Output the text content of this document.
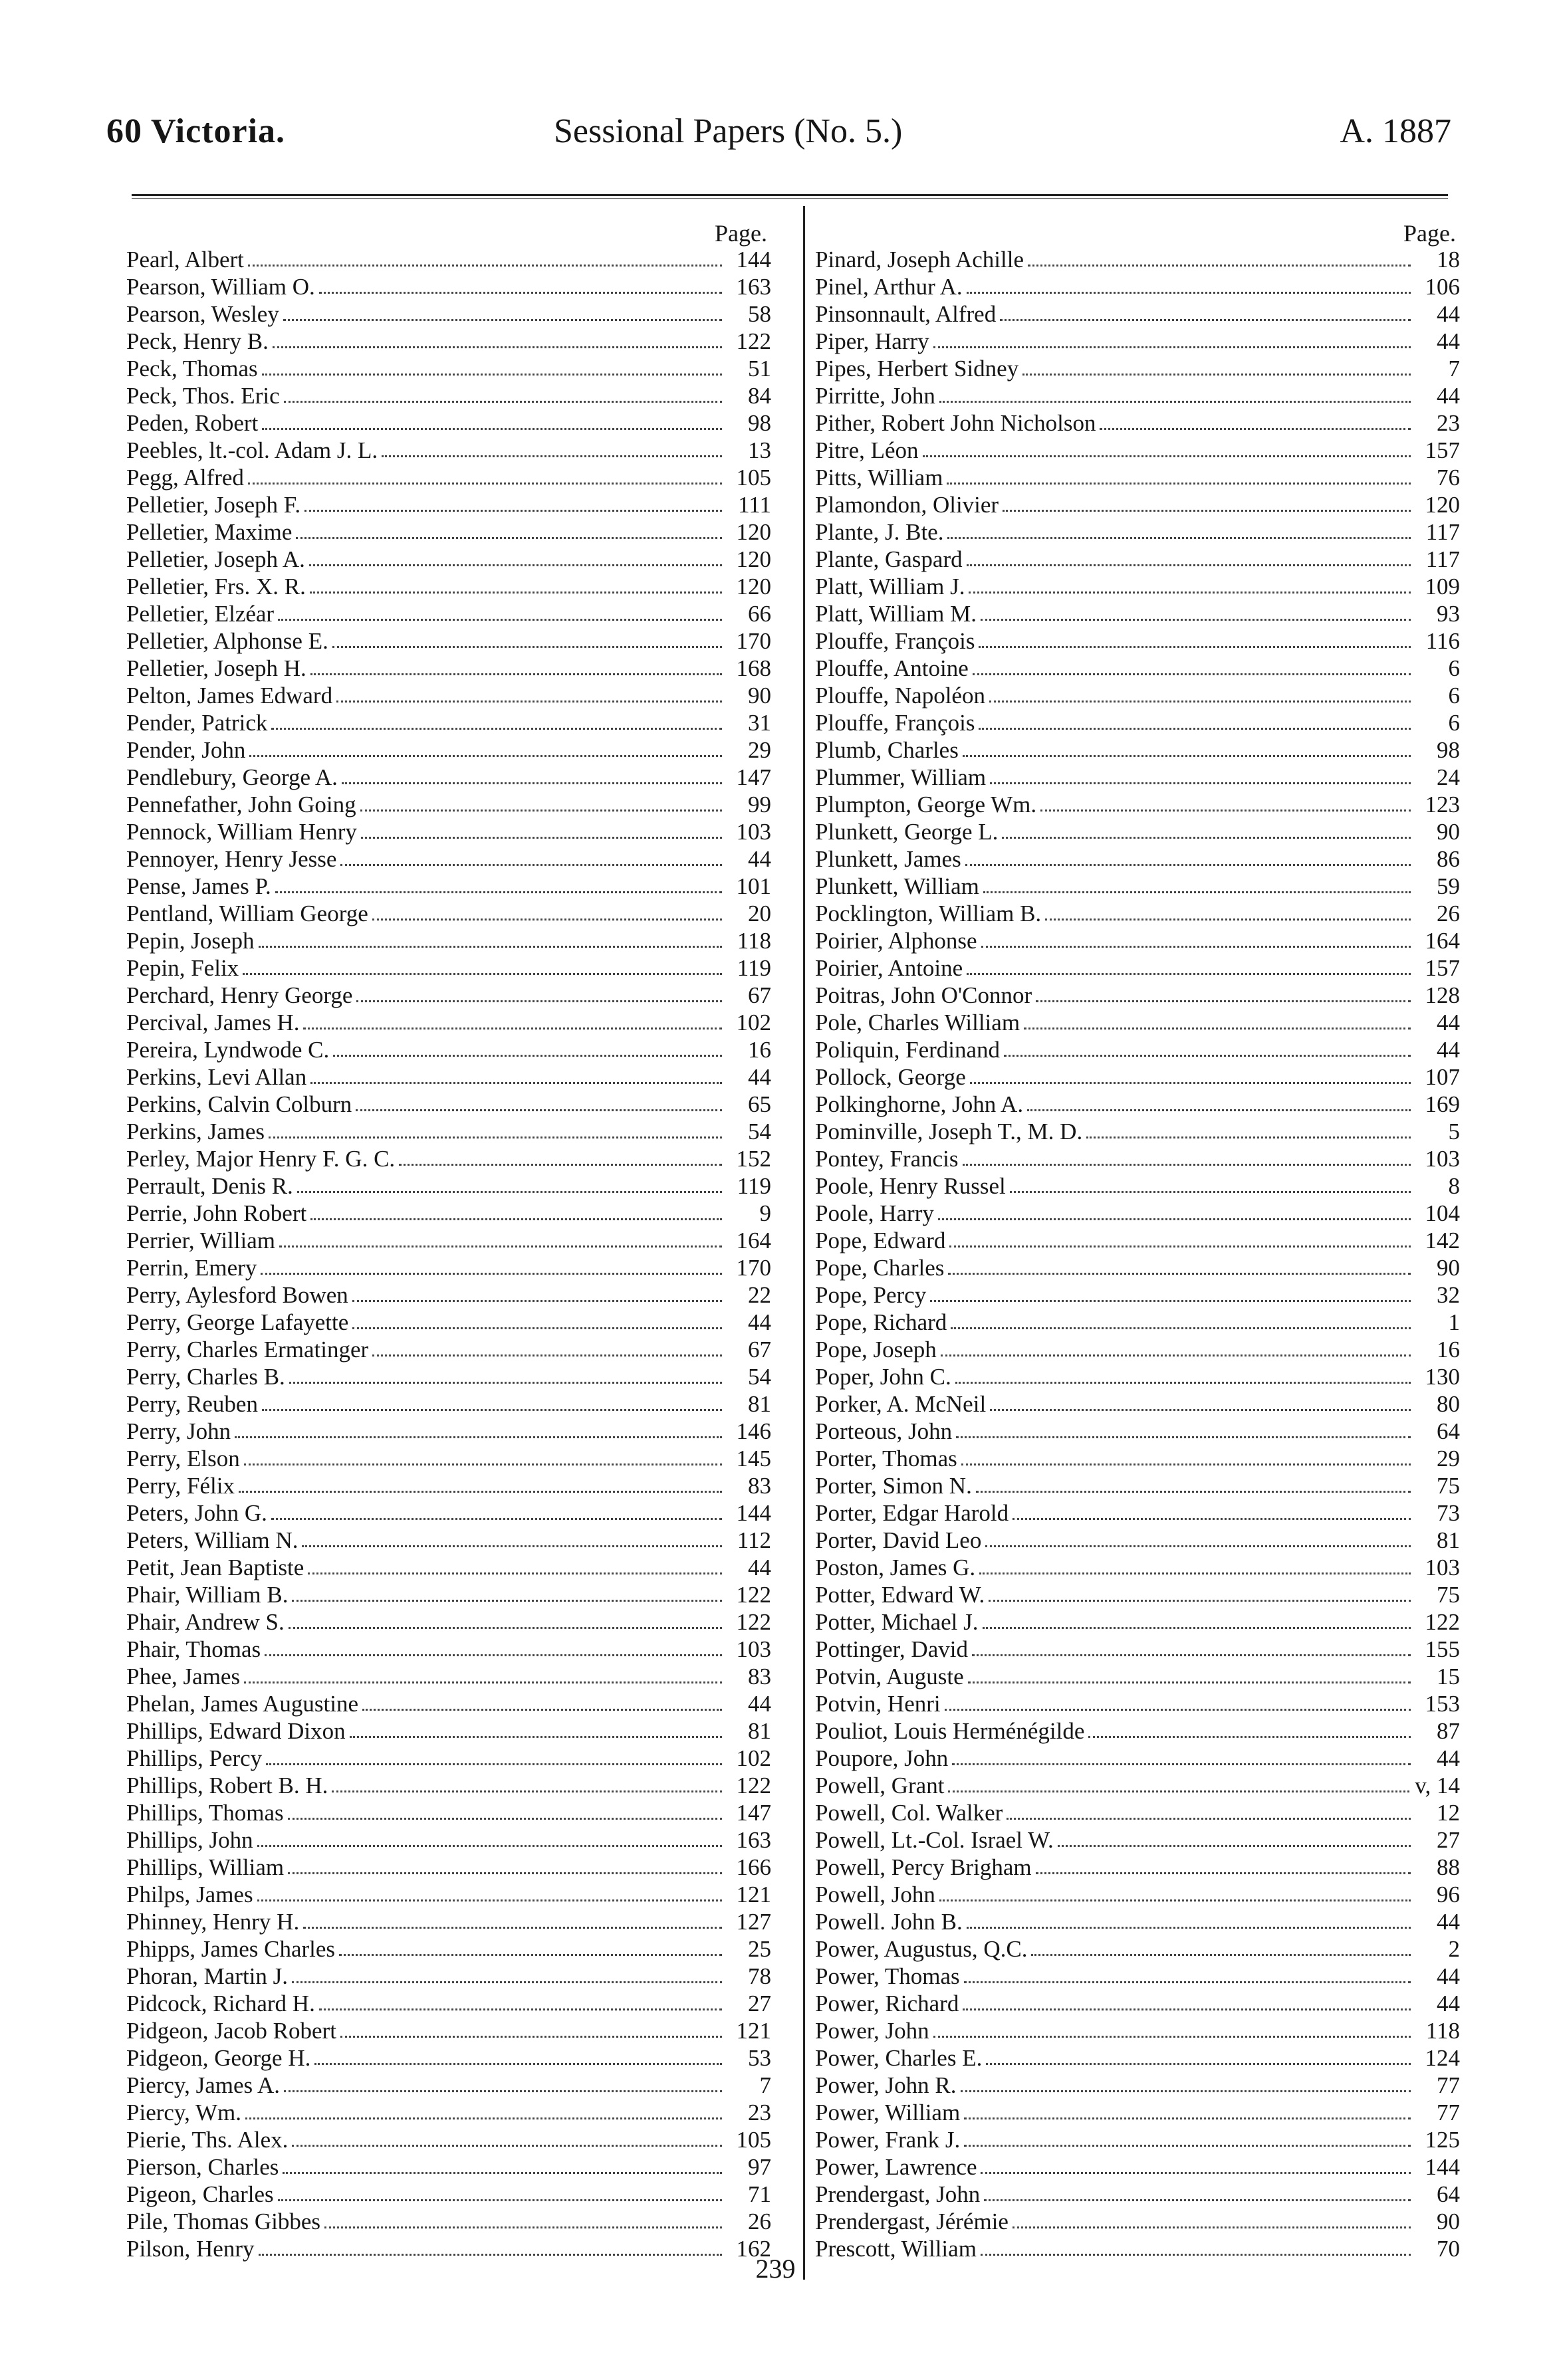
60 Victoria.	Sessional Papers (No. 5.)	A. 1887
Page.
Pearl, Albert	144
Pearson, William O.	163
Pearson, Wesley	58
Peck, Henry B.	122
Peck, Thomas	51
Peck, Thos. Eric	84
Peden, Robert	98
Peebles, lt.-col. Adam J. L.	13
Pegg, Alfred	105
Pelletier, Joseph F.	111
Pelletier, Maxime	120
Pelletier, Joseph A.	120
Pelletier, Frs. X. R.	120
Pelletier, Elzéar	66
Pelletier, Alphonse E.	170
Pelletier, Joseph H.	168
Pelton, James Edward	90
Pender, Patrick	31
Pender, John	29
Pendlebury, George A.	147
Pennefather, John Going	99
Pennock, William Henry	103
Pennoyer, Henry Jesse	44
Pense, James P.	101
Pentland, William George	20
Pepin, Joseph	118
Pepin, Felix	119
Perchard, Henry George	67
Percival, James H.	102
Pereira, Lyndwode C.	16
Perkins, Levi Allan	44
Perkins, Calvin Colburn	65
Perkins, James	54
Perley, Major Henry F. G. C.	152
Perrault, Denis R.	119
Perrie, John Robert	9
Perrier, William	164
Perrin, Emery	170
Perry, Aylesford Bowen	22
Perry, George Lafayette	44
Perry, Charles Ermatinger	67
Perry, Charles B.	54
Perry, Reuben	81
Perry, John	146
Perry, Elson	145
Perry, Félix	83
Peters, John G.	144
Peters, William N.	112
Petit, Jean Baptiste	44
Phair, William B.	122
Phair, Andrew S.	122
Phair, Thomas	103
Phee, James	83
Phelan, James Augustine	44
Phillips, Edward Dixon	81
Phillips, Percy	102
Phillips, Robert B. H.	122
Phillips, Thomas	147
Phillips, John	163
Phillips, William	166
Philps, James	121
Phinney, Henry H.	127
Phipps, James Charles	25
Phoran, Martin J.	78
Pidcock, Richard H.	27
Pidgeon, Jacob Robert	121
Pidgeon, George H.	53
Piercy, James A.	7
Piercy, Wm.	23
Pierie, Ths. Alex.	105
Pierson, Charles	97
Pigeon, Charles	71
Pile, Thomas Gibbes	26
Pilson, Henry	162
Page.
Pinard, Joseph Achille	18
Pinel, Arthur A.	106
Pinsonnault, Alfred	44
Piper, Harry	44
Pipes, Herbert Sidney	7
Pirritte, John	44
Pither, Robert John Nicholson	23
Pitre, Léon	157
Pitts, William	76
Plamondon, Olivier	120
Plante, J. Bte.	117
Plante, Gaspard	117
Platt, William J.	109
Platt, William M.	93
Plouffe, François	116
Plouffe, Antoine	6
Plouffe, Napoléon	6
Plouffe, François	6
Plumb, Charles	98
Plummer, William	24
Plumpton, George Wm.	123
Plunkett, George L.	90
Plunkett, James	86
Plunkett, William	59
Pocklington, William B.	26
Poirier, Alphonse	164
Poirier, Antoine	157
Poitras, John O'Connor	128
Pole, Charles William	44
Poliquin, Ferdinand	44
Pollock, George	107
Polkinghorne, John A.	169
Pominville, Joseph T., M. D.	5
Pontey, Francis	103
Poole, Henry Russel	8
Poole, Harry	104
Pope, Edward	142
Pope, Charles	90
Pope, Percy	32
Pope, Richard	1
Pope, Joseph	16
Poper, John C.	130
Porker, A. McNeil	80
Porteous, John	64
Porter, Thomas	29
Porter, Simon N.	75
Porter, Edgar Harold	73
Porter, David Leo	81
Poston, James G.	103
Potter, Edward W.	75
Potter, Michael J.	122
Pottinger, David	155
Potvin, Auguste	15
Potvin, Henri	153
Pouliot, Louis Herménégilde	87
Poupore, John	44
Powell, Grant	v, 14
Powell, Col. Walker	12
Powell, Lt.-Col. Israel W.	27
Powell, Percy Brigham	88
Powell, John	96
Powell. John B.	44
Power, Augustus, Q.C.	2
Power, Thomas	44
Power, Richard	44
Power, John	118
Power, Charles E.	124
Power, John R.	77
Power, William	77
Power, Frank J.	125
Power, Lawrence	144
Prendergast, John	64
Prendergast, Jérémie	90
Prescott, William	70
239
